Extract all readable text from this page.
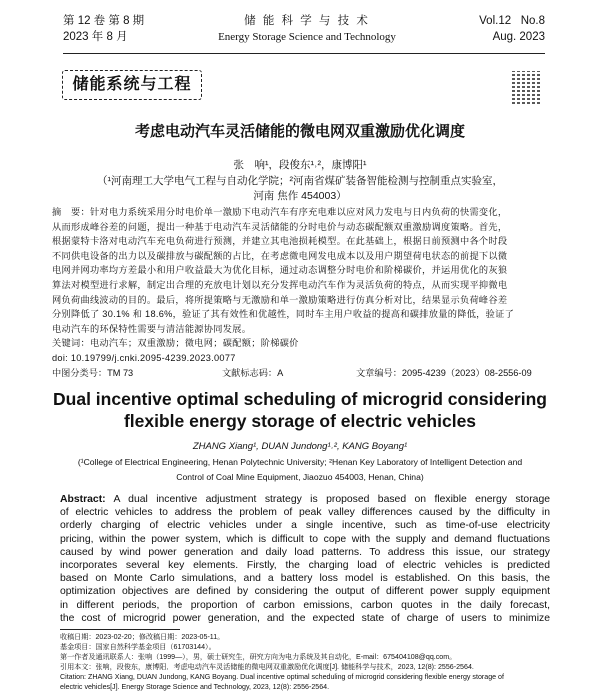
第 12 卷 第 8 期
2023 年 8 月
储 能 科 学 与 技 术
Energy Storage Science and Technology
Vol.12   No.8
Aug. 2023
储能系统与工程
考虑电动汽车灵活储能的微电网双重激励优化调度
张　响¹，段俊东¹˒²，康博阳¹
（¹河南理工大学电气工程与自动化学院；²河南省煤矿装备智能检测与控制重点实验室，
河南 焦作 454003）
摘　要：针对电力系统采用分时电价单一激励下电动汽车有序充电难以应对风力发电与日内负荷的快需变化，
从而形成峰谷差的问题，提出一种基于电动汽车灵活储能的分时电价与动态碳配额双重激励调度策略。首先，
根据蒙特卡洛对电动汽车充电负荷进行预测，并建立其电池损耗模型。在此基础上，根据日前预测中各个时段
不同供电设备的出力以及碳排放与碳配额的占比，在考虑微电网发电成本以及用户期望荷电状态的前提下以微
电网并网功率均方差最小和用户收益最大为优化目标，通过动态调整分时电价和阶梯碳价，并运用优化的灰狼
算法对模型进行求解，制定出合理的充放电计划以充分发挥电动汽车作为灵活负荷的特点，从而实现平抑微电
网负荷曲线波动的目的。最后，将所提策略与无激励和单一激励策略进行仿真分析对比，结果显示负荷峰谷差
分别降低了 30.1% 和 18.6%，验证了其有效性和优越性，同时车主用户收益的提高和碳排放量的降低，验证了
电动汽车的环保特性需要与清洁能源协同发展。
关键词：电动汽车；双重激励；微电网；碳配额；阶梯碳价
doi: 10.19799/j.cnki.2095-4239.2023.0077
中图分类号：TM 73	文献标志码：A	文章编号：2095-4239（2023）08-2556-09
Dual incentive optimal scheduling of microgrid considering
flexible energy storage of electric vehicles
ZHANG Xiang¹, DUAN Jundong¹˒², KANG Boyang¹
(¹College of Electrical Engineering, Henan Polytechnic University; ²Henan Key Laboratory of Intelligent Detection and
Control of Coal Mine Equipment, Jiaozuo 454003, Henan, China)
Abstract: A dual incentive adjustment strategy is proposed based on flexible energy storage
of electric vehicles to address the problem of peak valley differences caused by the difficulty in
orderly charging of electric vehicles under a single incentive, such as time-of-use electricity
pricing, within the power system, which is difficult to cope with the supply and demand fluctuations
caused by wind power generation and daily load patterns. To address this issue, our strategy
incorporates several key elements. Firstly, the charging load of electric vehicles is predicted
based on Monte Carlo simulations, and a battery loss model is established. On this basis, the
optimization objectives are defined by considering the output of different power supply equipment
in different periods, the proportion of carbon emissions, carbon quotes in the daily forecast,
the cost of microgrid power generation, and the expected state of charge of users to minimize
收稿日期：2023-02-20；修改稿日期：2023-05-11。
基金项目：国家自然科学基金项目（61703144）。
第一作者及通讯联系人：张响（1999—），男，硕士研究生，研究方向为电力系统及其自动化，E-mail：675404108@qq.com。
引用本文：张响，段俊东，康博阳．考虑电动汽车灵活储能的微电网双重激励优化调度[J]. 储能科学与技术，2023, 12(8): 2556-2564.
Citation: ZHANG Xiang, DUAN Jundong, KANG Boyang. Dual incentive optimal scheduling of microgrid considering flexible energy storage of
electric vehicles[J]. Energy Storage Science and Technology, 2023, 12(8): 2556-2564.
